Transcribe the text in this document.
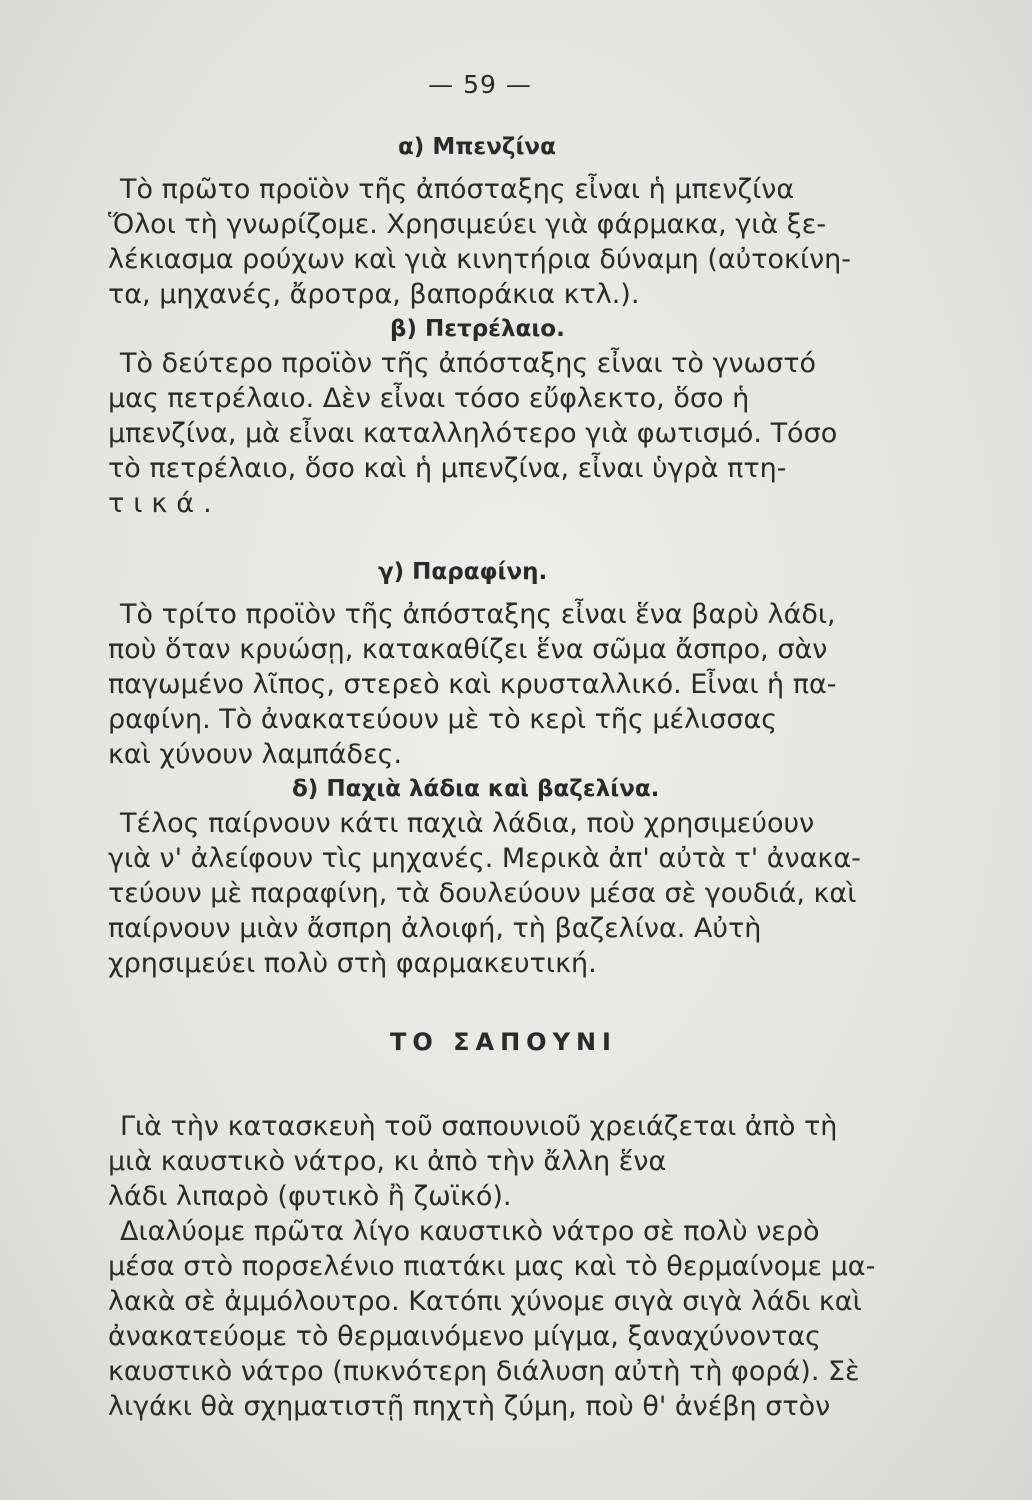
— 59 —
α) Μπενζίνα

Τὸ πρῶτο προϊὸν τῆς ἀπόσταξης εἶναι ἡ μπενζίνα
Ὅλοι τὴ γνωρίζομε. Χρησιμεύει γιὰ φάρμακα, γιὰ ξε-
λέκιασμα ρούχων καὶ γιὰ κινητήρια δύναμη (αὐτοκίνη-
τα, μηχανές, ἄροτρα, βαποράκια κτλ.).

β) Πετρέλαιο.

Τὸ δεύτερο προϊὸν τῆς ἀπόσταξης εἶναι τὸ γνωστό
μας πετρέλαιο. Δὲν εἶναι τόσο εὔφλεκτο, ὅσο ἡ
μπενζίνα, μὰ εἶναι καταλληλότερο γιὰ φωτισμό. Τόσο
τὸ πετρέλαιο, ὅσο καὶ ἡ μπενζίνα, εἶναι ὑγρὰ πτη-
τικά.

γ) Παραφίνη.

Τὸ τρίτο προϊὸν τῆς ἀπόσταξης εἶναι ἕνα βαρὺ λάδι,
ποὺ ὅταν κρυώσῃ, κατακαθίζει ἕνα σῶμα ἄσπρο, σὰν
παγωμένο λῖπος, στερεὸ καὶ κρυσταλλικό. Εἶναι ἡ πα-
ραφίνη. Τὸ ἀνακατεύουν μὲ τὸ κερὶ τῆς μέλισσας
καὶ χύνουν λαμπάδες.

δ) Παχιὰ λάδια καὶ βαζελίνα.

Τέλος παίρνουν κάτι παχιὰ λάδια, ποὺ χρησιμεύουν
γιὰ ν' ἀλείφουν τὶς μηχανές. Μερικὰ ἀπ' αὐτὰ τ' ἀνακα-
τεύουν μὲ παραφίνη, τὰ δουλεύουν μέσα σὲ γουδιά, καὶ
παίρνουν μιὰν ἄσπρη ἀλοιφή, τὴ βαζελίνα. Αὐτὴ
χρησιμεύει πολὺ στὴ φαρμακευτική.

ΤΟ ΣΑΠΟΥΝΙ

Γιὰ τὴν κατασκευὴ τοῦ σαπουνιοῦ χρειάζεται ἀπὸ τὴ
μιὰ καυστικὸ νάτρο, κι ἀπὸ τὴν ἄλλη ἕνα
λάδι λιπαρὸ (φυτικὸ ἢ ζωϊκό).

Διαλύομε πρῶτα λίγο καυστικὸ νάτρο σὲ πολὺ νερὸ
μέσα στὸ πορσελένιο πιατάκι μας καὶ τὸ θερμαίνομε μα-
λακὰ σὲ ἀμμόλουτρο. Κατόπι χύνομε σιγὰ σιγὰ λάδι καὶ
ἀνακατεύομε τὸ θερμαινόμενο μίγμα, ξαναχύνοντας
καυστικὸ νάτρο (πυκνότερη διάλυση αὐτὴ τὴ φορά). Σὲ
λιγάκι θὰ σχηματιστῇ πηχτὴ ζύμη, ποὺ θ' ἀνέβη στὸν
